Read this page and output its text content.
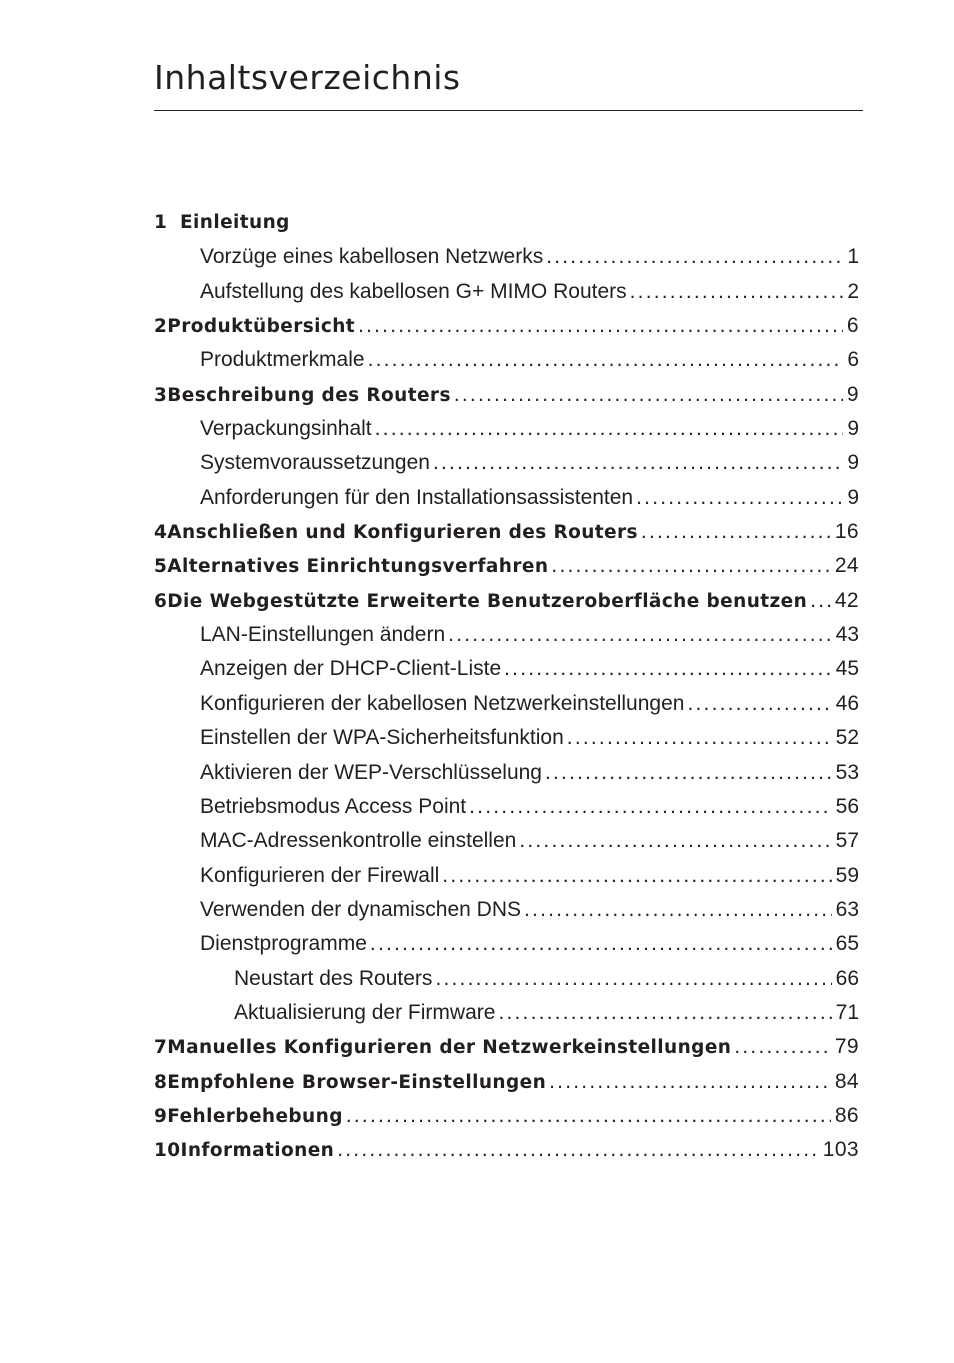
Inhaltsverzeichnis
1 Einleitung
Vorzüge eines kabellosen Netzwerks .....	1
Aufstellung des kabellosen G+ MIMO Routers .....	2
2 Produktübersicht .....	6
Produktmerkmale .....	6
3 Beschreibung des Routers .....	9
Verpackungsinhalt .....	9
Systemvoraussetzungen .....	9
Anforderungen für den Installationsassistenten .....	9
4 Anschließen und Konfigurieren des Routers .....	16
5 Alternatives Einrichtungsverfahren .....	24
6 Die Webgestützte Erweiterte Benutzeroberfläche benutzen ..... 42
LAN-Einstellungen ändern .....	43
Anzeigen der DHCP-Client-Liste .....	45
Konfigurieren der kabellosen Netzwerkeinstellungen .....	46
Einstellen der WPA-Sicherheitsfunktion .....	52
Aktivieren der WEP-Verschlüsselung .....	53
Betriebsmodus Access Point .....	56
MAC-Adressenkontrolle einstellen .....	57
Konfigurieren der Firewall .....	59
Verwenden der dynamischen DNS .....	63
Dienstprogramme .....	65
Neustart des Routers .....	66
Aktualisierung der Firmware .....	71
7 Manuelles Konfigurieren der Netzwerkeinstellungen .....	79
8 Empfohlene Browser-Einstellungen .....	84
9 Fehlerbehebung .....	86
10 Informationen .....	103
